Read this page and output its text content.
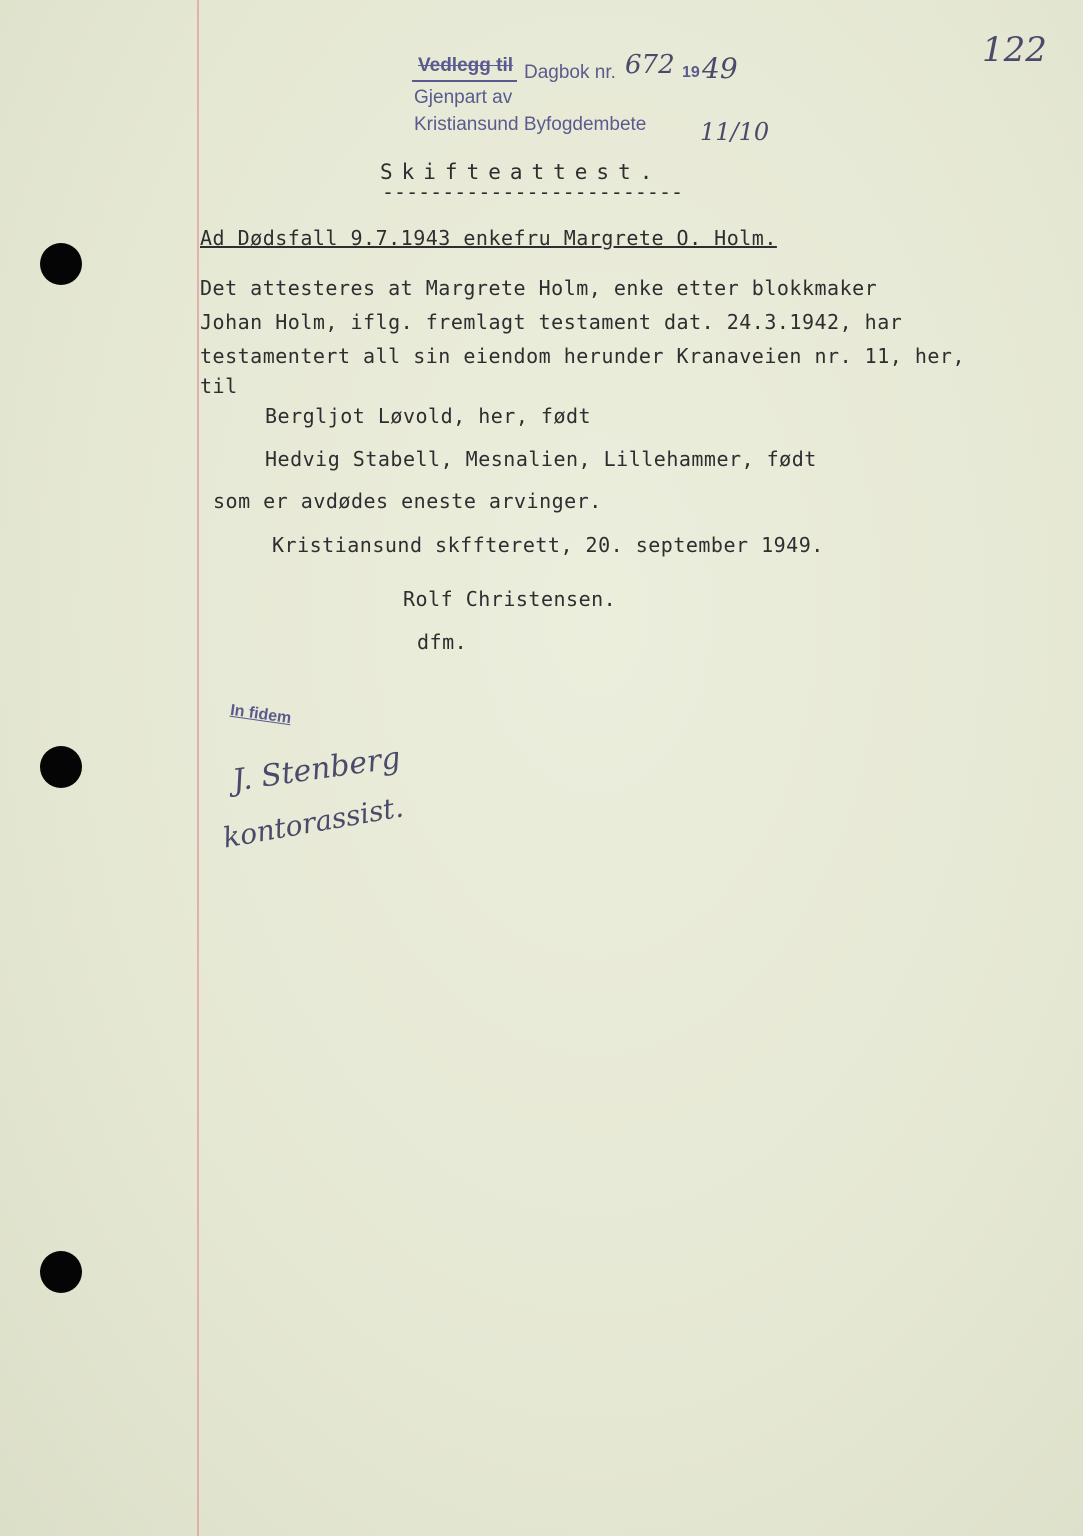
Vedlegg til Dagbok nr. 672 19 49
Gjenpart av
Kristiansund Byfogdembete 11/10
122
Skifteattest.
-------------------------
Ad Dødsfall 9.7.1943 enkefru Margrete O. Holm.
Det attesteres at Margrete Holm, enke etter blokkmaker
Johan Holm, iflg. fremlagt testament dat. 24.3.1942, har
testamentert all sin eiendom herunder Kranaveien nr. 11, her,
til
Bergljot Løvold, her, født
Hedvig Stabell, Mesnalien, Lillehammer, født
som er avdødes eneste arvinger.
Kristiansund skffterett, 20. september 1949.
Rolf Christensen.
dfm.
In fidem
J. Stenberg
kontorassist.
